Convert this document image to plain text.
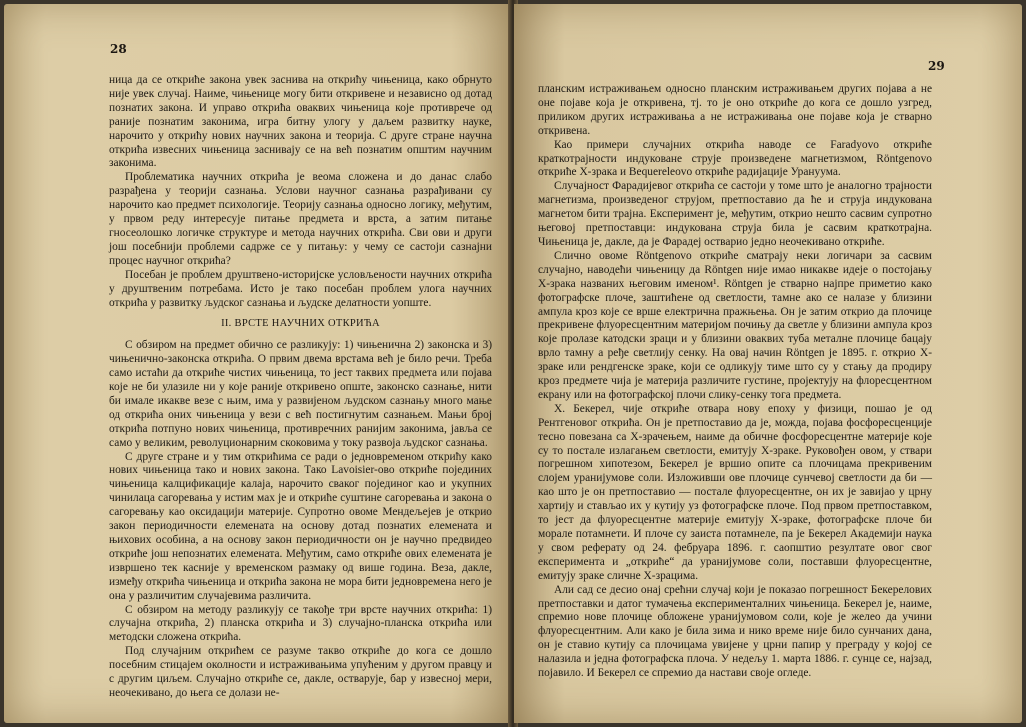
28

ница да се откриће закона увек заснива на открићу чињеница, како обрнуто није увек случај. Наиме, чињенице могу бити откривене и независно од дотад познатих закона. И управо открића оваквих чињеница које противрече од раније познатим законима, игра битну улогу у даљем развитку науке, нарочито у открићу нових научних закона и теорија. С друге стране научна открића извесних чињеница заснивају се на већ познатим општим научним законима.

Проблематика научних открића је веома сложена и до данас слабо разрађена у теорији сазнања. Услови научног сазнања разрађивани су нарочито као предмет психологије. Теорију сазнања односно логику, међутим, у првом реду интересује питање предмета и врста, а затим питање гносеолошко логичке структуре и метода научних открића. Сви ови и други још посебнији проблеми садрже се у питању: у чему се састоји сазнајни процес научног открића?

Посебан је проблем друштвено-историјске условљености научних открића у друштвеним потребама. Исто је тако посебан проблем улога научних открића у развитку људског сазнања и људске делатности уопште.

II. ВРСТЕ НАУЧНИХ ОТКРИЋА

С обзиром на предмет обично се разликују: 1) чињенична 2) законска и 3) чињенично-законска открића. О првим двема врстама већ је било речи. Треба само истаћи да откриће чистих чињеница, то јест таквих предмета или појава које не би улазиле ни у које раније откривено опште, законско сазнање, нити би имале икакве везе с њим, има у развијеном људском сазнању много мање од открића оних чињеница у вези с већ постигнутим сазнањем. Мањи број открића потпуно нових чињеница, противречних ранијим законима, јавља се само у великим, револуционарним скоковима у току развоја људског сазнања.

С друге стране и у тим открићима се ради о једновременом открићу како нових чињеница тако и нових закона. Тако Lavoisier-ово откриће појединих чињеница калцификације калаја, нарочито сваког појединог као и укупних чинилаца сагоревања у истим мах је и откриће суштине сагоревања и закона о сагоревању као оксидацији материје. Супротно овоме Мендељејев је открио закон периодичности елемената на основу дотад познатих елемената и њихових особина, а на основу закон периодичности он је научно предвидео откриће још непознатих елемената. Међутим, само откриће ових елемената је извршено тек касније у временском размаку од више година. Веза, дакле, између открића чињеница и открића закона не мора бити једновремена него је она у различитим случајевима различита.

С обзиром на методу разликују се такође три врсте научних открића: 1) случајна открића, 2) планска открића и 3) случајно-планска открића или методски сложена открића.

Под случајним открићем се разуме такво откриће до кога се дошло посебним стицајем околности и истраживањима упућеним у другом правцу и с другим циљем. Случајно откриће се, дакле, остварује, бар у извесној мери, неочекивано, до њега се долази не-

29

планским истраживањем односно планским истраживањем других појава а не оне појаве која је откривена, тј. то је оно откриће до кога се дошло узгред, приликом других истраживања а не истраживања оне појаве која је стварно откривена.

Као примери случајних открића наводе се Faradyovo откриће краткотрајности индуковане струје произведене магнетизмом, Röntgenovo откриће Х-зрака и Bequerelеovo откриће радијације Урануума.

Случајност Фарадијевог открића се састоји у томе што је аналогно трајности магнетизма, произведеног струјом, претпоставио да ће и струја индукована магнетом бити трајна. Експеримент је, међутим, открио нешто сасвим супротно његовој претпоставци: индукована струја била је сасвим краткотрајна. Чињеница је, дакле, да је Фарадеј остварио једно неочекивано откриће.

Слично овоме Röntgenovo откриће сматрају неки логичари за сасвим случајно, наводећи чињеницу да Röntgen није имао никакве идеје о постојању Х-зрака названих његовим именом¹. Röntgen је стварно најпре приметио како фотографске плоче, заштићене од светлости, тамне ако се налазе у близини ампула кроз које се врше електрична пражњења. Он је затим открио да плочице прекривене флуоресцентним материјом почињу да светле у близини ампула кроз које пролазе катодски зраци и у близини оваквих туба металне плочице бацају врло тамну а ређе светлију сенку. На овај начин Röntgen је 1895. г. открио Х-зраке или рендгенске зраке, који се одликују тиме што су у стању да продиру кроз предмете чија је материја различите густине, пројектују на флоресцентном екрану или на фотографској плочи слику-сенку тога предмета.

Х. Бекерел, чије откриће отвара нову епоху у физици, пошао је од Рентгеновог открића. Он је претпоставио да је, можда, појава фосфоресценције тесно повезана са Х-зрачењем, наиме да обичне фосфоресцентне материје које су то постале излагањем светлости, емитују Х-зраке. Руковођен овом, у ствари погрешном хипотезом, Бекерел је вршио опите са плочицама прекривеним слојем уранијумове соли. Изложивши ове плочице сунчевој светлости да би — као што је он претпоставио — постале флуоресцентне, он их је завијао у црну хартију и стављао их у кутију уз фотографске плоче. Под првом претпоставком, то јест да флуоресцентне материје емитују Х-зраке, фотографске плоче би морале потамнети. И плоче су заиста потамнеле, па је Бекерел Академији наука у свом реферату од 24. фебруара 1896. г. саопштио резултате овог свог експеримента и „откриће“ да уранијумове соли, поставши флуоресцентне, емитују зраке сличне Х-зрацима.

Али сад се десио онај срећни случај који је показао погрешност Бекерелових претпоставки и датог тумачења експерименталних чињеница. Бекерел је, наиме, спремио нове плочице обложене уранијумовом соли, које је желео да учини флуоресцентним. Али како је била зима и нико време није било сунчаних дана, он је ставио кутију са плочицама увијене у црни папир у преграду у којој се налазила и једна фотографска плоча. У недељу 1. марта 1886. г. сунце се, најзад, појавило. И Бекерел се спремио да настави своје огледе.
